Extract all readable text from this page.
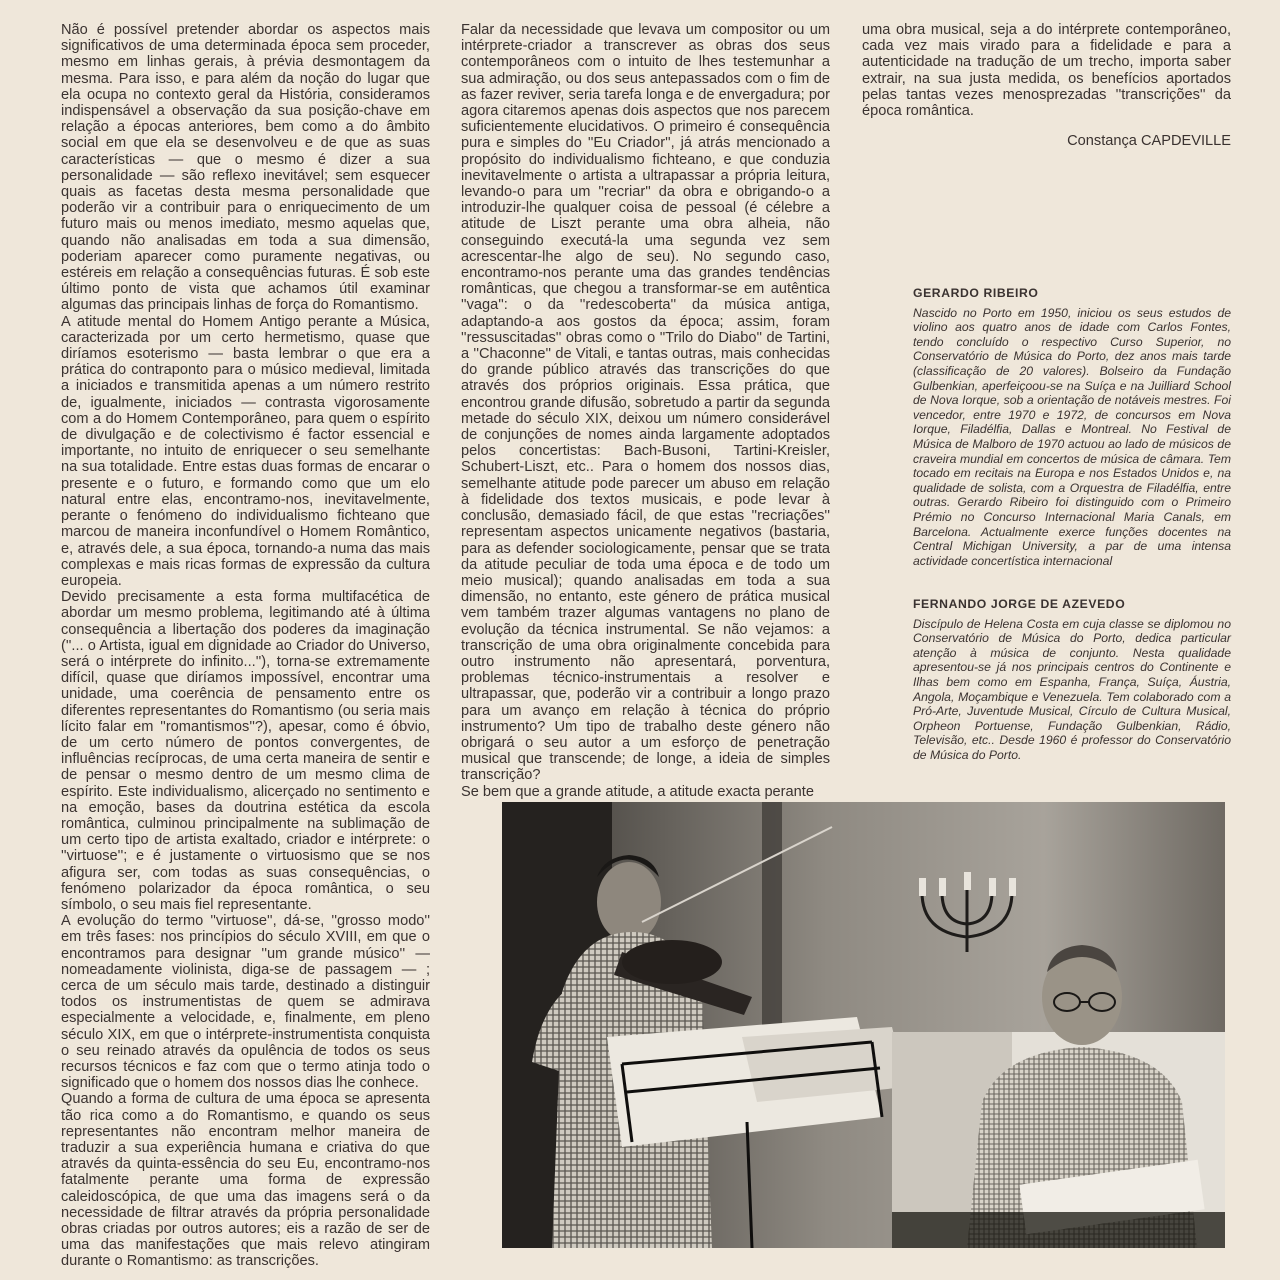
Não é possível pretender abordar os aspectos mais significativos de uma determinada época sem proceder, mesmo em linhas gerais, à prévia desmontagem da mesma. Para isso, e para além da noção do lugar que ela ocupa no contexto geral da História, consideramos indispensável a observação da sua posição-chave em relação a épocas anteriores, bem como a do âmbito social em que ela se desenvolveu e de que as suas características — que o mesmo é dizer a sua personalidade — são reflexo inevitável; sem esquecer quais as facetas desta mesma personalidade que poderão vir a contribuir para o enriquecimento de um futuro mais ou menos imediato, mesmo aquelas que, quando não analisadas em toda a sua dimensão, poderiam aparecer como puramente negativas, ou estéreis em relação a consequências futuras. É sob este último ponto de vista que achamos útil examinar algumas das principais linhas de força do Romantismo.

A atitude mental do Homem Antigo perante a Música, caracterizada por um certo hermetismo, quase que diríamos esoterismo — basta lembrar o que era a prática do contraponto para o músico medieval, limitada a iniciados e transmitida apenas a um número restrito de, igualmente, iniciados — contrasta vigorosamente com a do Homem Contemporâneo, para quem o espírito de divulgação e de colectivismo é factor essencial e importante, no intuito de enriquecer o seu semelhante na sua totalidade. Entre estas duas formas de encarar o presente e o futuro, e formando como que um elo natural entre elas, encontramo-nos, inevitavelmente, perante o fenómeno do individualismo fichteano que marcou de maneira inconfundível o Homem Romântico, e, através dele, a sua época, tornando-a numa das mais complexas e mais ricas formas de expressão da cultura europeia.

Devido precisamente a esta forma multifacética de abordar um mesmo problema, legitimando até à última consequência a libertação dos poderes da imaginação (''... o Artista, igual em dignidade ao Criador do Universo, será o intérprete do infinito...''), torna-se extremamente difícil, quase que diríamos impossível, encontrar uma unidade, uma coerência de pensamento entre os diferentes representantes do Romantismo (ou seria mais lícito falar em ''romantismos''?), apesar, como é óbvio, de um certo número de pontos convergentes, de influências recíprocas, de uma certa maneira de sentir e de pensar o mesmo dentro de um mesmo clima de espírito. Este individualismo, alicerçado no sentimento e na emoção, bases da doutrina estética da escola romântica, culminou principalmente na sublimação de um certo tipo de artista exaltado, criador e intérprete: o ''virtuose''; e é justamente o virtuosismo que se nos afigura ser, com todas as suas consequências, o fenómeno polarizador da época romântica, o seu símbolo, o seu mais fiel representante.

A evolução do termo ''virtuose'', dá-se, ''grosso modo'' em três fases: nos princípios do século XVIII, em que o encontramos para designar ''um grande músico'' — nomeadamente violinista, diga-se de passagem — ; cerca de um século mais tarde, destinado a distinguir todos os instrumentistas de quem se admirava especialmente a velocidade, e, finalmente, em pleno século XIX, em que o intérprete-instrumentista conquista o seu reinado através da opulência de todos os seus recursos técnicos e faz com que o termo atinja todo o significado que o homem dos nossos dias lhe conhece.

Quando a forma de cultura de uma época se apresenta tão rica como a do Romantismo, e quando os seus representantes não encontram melhor maneira de traduzir a sua experiência humana e criativa do que através da quinta-essência do seu Eu, encontramo-nos fatalmente perante uma forma de expressão caleidoscópica, de que uma das imagens será o da necessidade de filtrar através da própria personalidade obras criadas por outros autores; eis a razão de ser de uma das manifestações que mais relevo atingiram durante o Romantismo: as transcrições.

Falar da necessidade que levava um compositor ou um intérprete-criador a transcrever as obras dos seus contemporâneos com o intuito de lhes testemunhar a sua admiração, ou dos seus antepassados com o fim de as fazer reviver, seria tarefa longa e de envergadura; por agora citaremos apenas dois aspectos que nos parecem suficientemente elucidativos. O primeiro é consequência pura e simples do ''Eu Criador'', já atrás mencionado a propósito do individualismo fichteano, e que conduzia inevitavelmente o artista a ultrapassar a própria leitura, levando-o para um ''recriar'' da obra e obrigando-o a introduzir-lhe qualquer coisa de pessoal (é célebre a atitude de Liszt perante uma obra alheia, não conseguindo executá-la uma segunda vez sem acrescentar-lhe algo de seu). No segundo caso, encontramo-nos perante uma das grandes tendências românticas, que chegou a transformar-se em autêntica ''vaga'': o da ''redescoberta'' da música antiga, adaptando-a aos gostos da época; assim, foram ''ressuscitadas'' obras como o ''Trilo do Diabo'' de Tartini, a ''Chaconne'' de Vitali, e tantas outras, mais conhecidas do grande público através das transcrições do que através dos próprios originais. Essa prática, que encontrou grande difusão, sobretudo a partir da segunda metade do século XIX, deixou um número considerável de conjunções de nomes ainda largamente adoptados pelos concertistas: Bach-Busoni, Tartini-Kreisler, Schubert-Liszt, etc.. Para o homem dos nossos dias, semelhante atitude pode parecer um abuso em relação à fidelidade dos textos musicais, e pode levar à conclusão, demasiado fácil, de que estas ''recriações'' representam aspectos unicamente negativos (bastaria, para as defender sociologicamente, pensar que se trata da atitude peculiar de toda uma época e de todo um meio musical); quando analisadas em toda a sua dimensão, no entanto, este género de prática musical vem também trazer algumas vantagens no plano de evolução da técnica instrumental. Se não vejamos: a transcrição de uma obra originalmente concebida para outro instrumento não apresentará, porventura, problemas técnico-instrumentais a resolver e ultrapassar, que, poderão vir a contribuir a longo prazo para um avanço em relação à técnica do próprio instrumento? Um tipo de trabalho deste género não obrigará o seu autor a um esforço de penetração musical que transcende; de longe, a ideia de simples transcrição?

Se bem que a grande atitude, a atitude exacta perante

uma obra musical, seja a do intérprete contemporâneo, cada vez mais virado para a fidelidade e para a autenticidade na tradução de um trecho, importa saber extrair, na sua justa medida, os benefícios aportados pelas tantas vezes menosprezadas ''transcrições'' da época romântica.

Constança CAPDEVILLE

GERARDO RIBEIRO

Nascido no Porto em 1950, iniciou os seus estudos de violino aos quatro anos de idade com Carlos Fontes, tendo concluído o respectivo Curso Superior, no Conservatório de Música do Porto, dez anos mais tarde (classificação de 20 valores). Bolseiro da Fundação Gulbenkian, aperfeiçoou-se na Suíça e na Juilliard School de Nova Iorque, sob a orientação de notáveis mestres. Foi vencedor, entre 1970 e 1972, de concursos em Nova Iorque, Filadélfia, Dallas e Montreal. No Festival de Música de Malboro de 1970 actuou ao lado de músicos de craveira mundial em concertos de música de câmara. Tem tocado em recitais na Europa e nos Estados Unidos e, na qualidade de solista, com a Orquestra de Filadélfia, entre outras. Gerardo Ribeiro foi distinguido com o Primeiro Prémio no Concurso Internacional Maria Canals, em Barcelona. Actualmente exerce funções docentes na Central Michigan University, a par de uma intensa actividade concertística internacional

FERNANDO JORGE DE AZEVEDO

Discípulo de Helena Costa em cuja classe se diplomou no Conservatório de Música do Porto, dedica particular atenção à música de conjunto. Nesta qualidade apresentou-se já nos principais centros do Continente e Ilhas bem como em Espanha, França, Suíça, Áustria, Angola, Moçambique e Venezuela. Tem colaborado com a Pró-Arte, Juventude Musical, Círculo de Cultura Musical, Orpheon Portuense, Fundação Gulbenkian, Rádio, Televisão, etc.. Desde 1960 é professor do Conservatório de Música do Porto.
